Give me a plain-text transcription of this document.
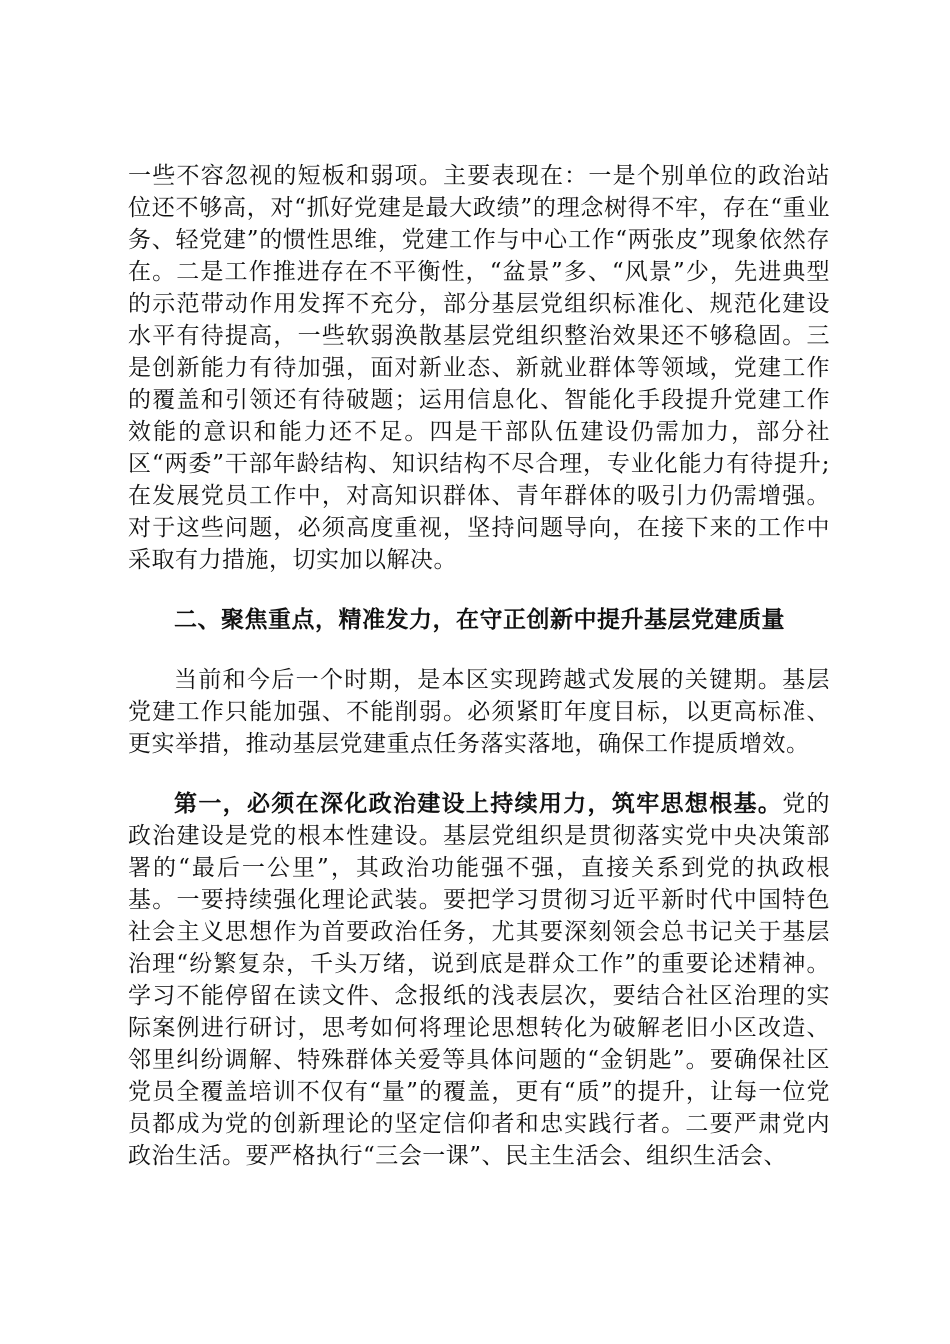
一些不容忽视的短板和弱项。主要表现在：一是个别单位的政治站位还不够高，对“抓好党建是最大政绩”的理念树得不牢，存在“重业务、轻党建”的惯性思维，党建工作与中心工作“两张皮”现象依然存在。二是工作推进存在不平衡性，“盆景”多、“风景”少，先进典型的示范带动作用发挥不充分，部分基层党组织标准化、规范化建设水平有待提高，一些软弱涣散基层党组织整治效果还不够稳固。三是创新能力有待加强，面对新业态、新就业群体等领域，党建工作的覆盖和引领还有待破题；运用信息化、智能化手段提升党建工作效能的意识和能力还不足。四是干部队伍建设仍需加力，部分社区“两委”干部年龄结构、知识结构不尽合理，专业化能力有待提升;在发展党员工作中，对高知识群体、青年群体的吸引力仍需增强。对于这些问题，必须高度重视，坚持问题导向，在接下来的工作中采取有力措施，切实加以解决。

二、聚焦重点，精准发力，在守正创新中提升基层党建质量

当前和今后一个时期，是本区实现跨越式发展的关键期。基层党建工作只能加强、不能削弱。必须紧盯年度目标，以更高标准、更实举措，推动基层党建重点任务落实落地，确保工作提质增效。

第一，必须在深化政治建设上持续用力，筑牢思想根基。党的政治建设是党的根本性建设。基层党组织是贯彻落实党中央决策部署的“最后一公里”，其政治功能强不强，直接关系到党的执政根基。一要持续强化理论武装。要把学习贯彻习近平新时代中国特色社会主义思想作为首要政治任务，尤其要深刻领会总书记关于基层治理“纷繁复杂，千头万绪，说到底是群众工作”的重要论述精神。学习不能停留在读文件、念报纸的浅表层次，要结合社区治理的实际案例进行研讨，思考如何将理论思想转化为破解老旧小区改造、邻里纠纷调解、特殊群体关爱等具体问题的“金钥匙”。要确保社区党员全覆盖培训不仅有“量”的覆盖，更有“质”的提升，让每一位党员都成为党的创新理论的坚定信仰者和忠实践行者。二要严肃党内政治生活。要严格执行“三会一课”、民主生活会、组织生活会、
